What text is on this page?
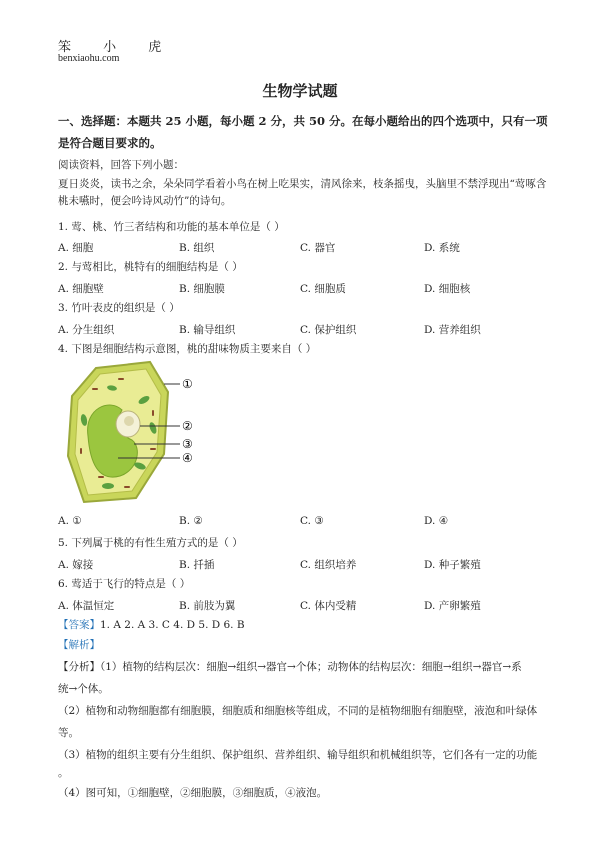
笨 小 虎
benxiaohu.com
生物学试题
一、选择题：本题共 25 小题，每小题 2 分，共 50 分。在每小题给出的四个选项中，只有一项是符合题目要求的。
阅读资料，回答下列小题：
夏日炎炎，读书之余，朵朵同学看着小鸟在树上吃果实，清风徐来，枝条摇曳，头脑里不禁浮现出“莺啄含桃未嚥时，便会吟诗风动竹”的诗句。
1. 莺、桃、竹三者结构和功能的基本单位是（ ）
A. 细胞	B. 组织	C. 器官	D. 系统
2. 与莺相比，桃特有的细胞结构是（ ）
A. 细胞壁	B. 细胞膜	C. 细胞质	D. 细胞核
3. 竹叶表皮的组织是（ ）
A. 分生组织	B. 输导组织	C. 保护组织	D. 营养组织
4. 下图是细胞结构示意图，桃的甜味物质主要来自（ ）
①
②
③
④
A. ①	B. ②	C. ③	D. ④
5. 下列属于桃的有性生殖方式的是（ ）
A. 嫁接	B. 扦插	C. 组织培养	D. 种子繁殖
6. 莺适于飞行的特点是（ ）
A. 体温恒定	B. 前肢为翼	C. 体内受精	D. 产卵繁殖
【答案】1. A 2. A 3. C 4. D 5. D 6. B
【解析】
【分析】（1）植物的结构层次：细胞→组织→器官→个体；动物体的结构层次：细胞→组织→器官→系
统→个体。
（2）植物和动物细胞都有细胞膜，细胞质和细胞核等组成，不同的是植物细胞有细胞壁，液泡和叶绿体
等。
（3）植物的组织主要有分生组织、保护组织、营养组织、输导组织和机械组织等，它们各有一定的功能
。
（4）图可知，①细胞壁，②细胞膜，③细胞质，④液泡。
